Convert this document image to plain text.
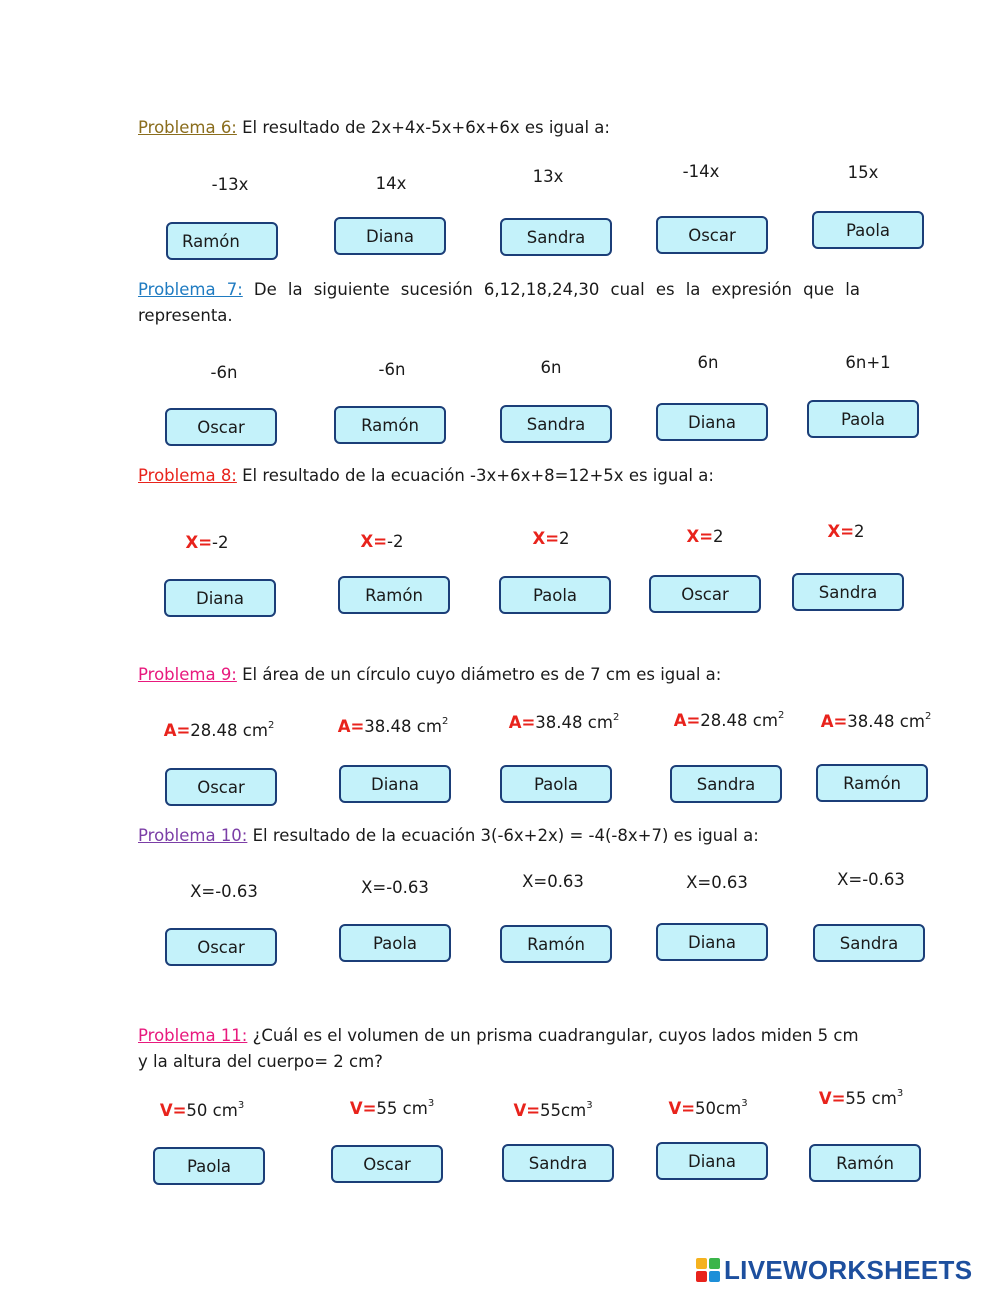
Problema 6: El resultado de 2x+4x-5x+6x+6x es igual a:

-13x	14x	13x	-14x	15x
Ramón	Diana	Sandra	Oscar	Paola

Problema 7: De la siguiente sucesión 6,12,18,24,30 cual es la expresión que la representa.

-6n	-6n	6n	6n	6n+1
Oscar	Ramón	Sandra	Diana	Paola

Problema 8: El resultado de la ecuación -3x+6x+8=12+5x es igual a:

X=-2	X=-2	X=2	X=2	X=2
Diana	Ramón	Paola	Oscar	Sandra

Problema 9: El área de un círculo cuyo diámetro es de 7 cm es igual a:

A=28.48 $cm^2$	A=38.48 $cm^2$	A=38.48 $cm^2$	A=28.48 $cm^2$ A=38.48 $cm^2$
Oscar	Diana	Paola	Sandra	Ramón

Problema 10: El resultado de la ecuación 3(-6x+2x) = -4(-8x+7) es igual a:

X=-0.63	X=-0.63	X=0.63	X=0.63	X=-0.63
Oscar	Paola	Ramón	Diana	Sandra

Problema 11: ¿Cuál es el volumen de un prisma cuadrangular, cuyos lados miden 5 cm y la altura del cuerpo= 2 cm?

V=50 $cm^3$	V=55 $cm^3$	$V=55cm^3$	$V=50cm^3$	V=55 $cm^3$
Paola	Oscar	Sandra	Diana	Ramón
LIVEWORKSHEETS
